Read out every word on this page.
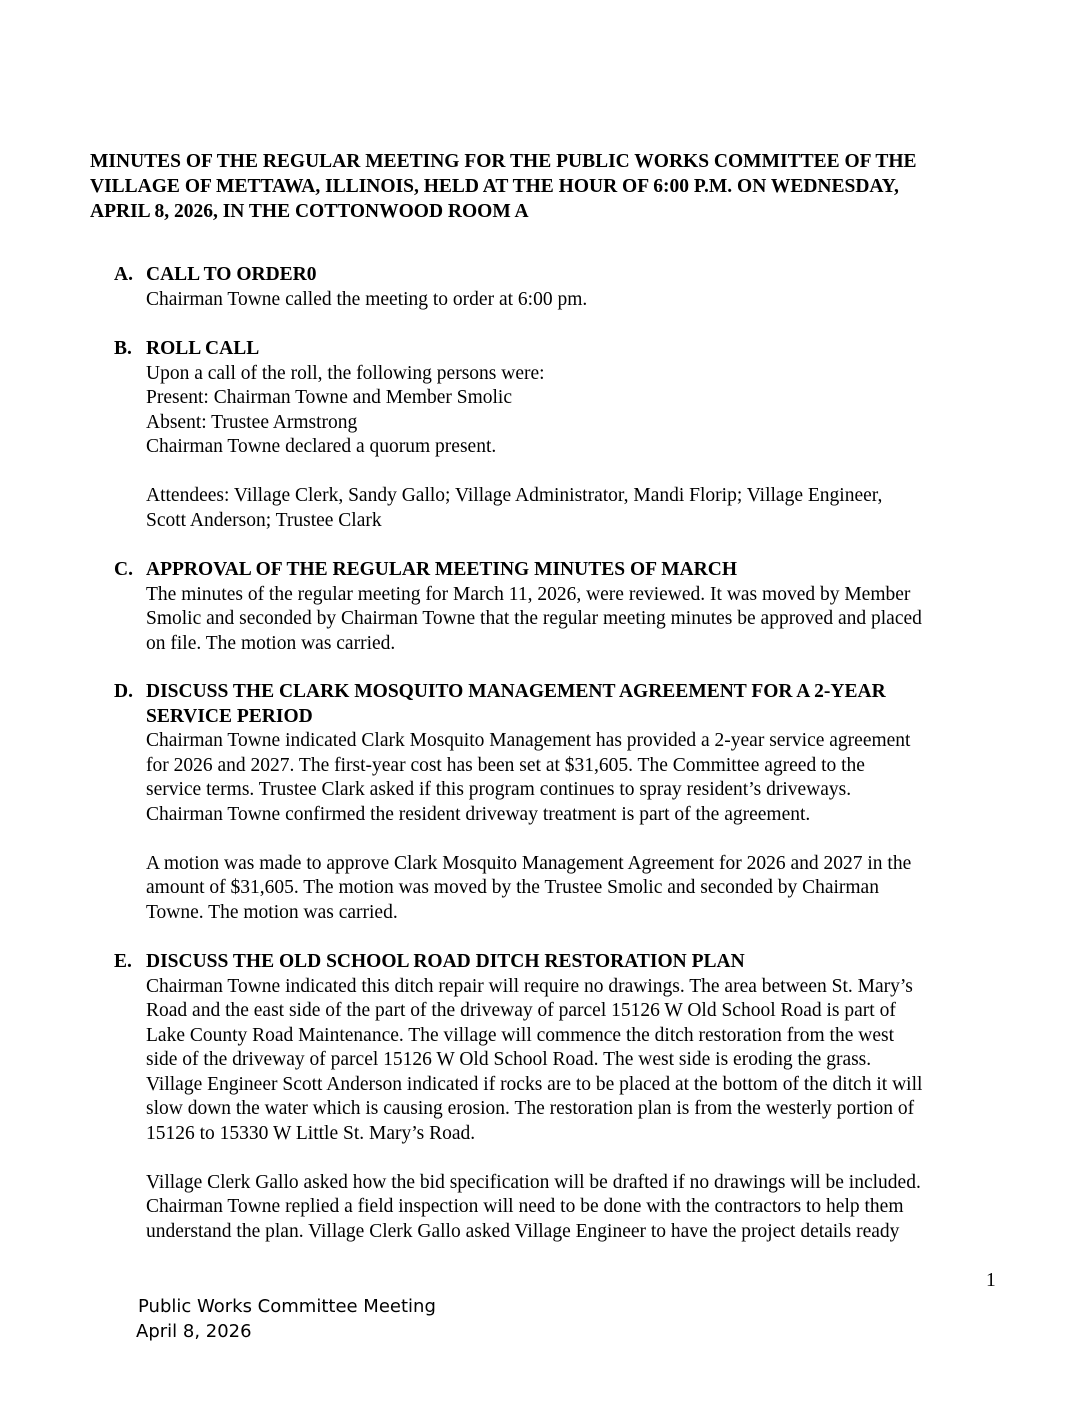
MINUTES OF THE REGULAR MEETING FOR THE PUBLIC WORKS COMMITTEE OF THE
VILLAGE OF METTAWA, ILLINOIS, HELD AT THE HOUR OF 6:00 P.M. ON WEDNESDAY,
APRIL 8, 2026, IN THE COTTONWOOD ROOM A
A. CALL TO ORDER0
Chairman Towne called the meeting to order at 6:00 pm.
B. ROLL CALL
Upon a call of the roll, the following persons were:
Present: Chairman Towne and Member Smolic
Absent: Trustee Armstrong
Chairman Towne declared a quorum present.
Attendees: Village Clerk, Sandy Gallo; Village Administrator, Mandi Florip; Village Engineer,
Scott Anderson; Trustee Clark
C. APPROVAL OF THE REGULAR MEETING MINUTES OF MARCH
The minutes of the regular meeting for March 11, 2026, were reviewed. It was moved by Member
Smolic and seconded by Chairman Towne that the regular meeting minutes be approved and placed
on file. The motion was carried.
D. DISCUSS THE CLARK MOSQUITO MANAGEMENT AGREEMENT FOR A 2-YEAR
SERVICE PERIOD
Chairman Towne indicated Clark Mosquito Management has provided a 2-year service agreement
for 2026 and 2027. The first-year cost has been set at $31,605. The Committee agreed to the
service terms. Trustee Clark asked if this program continues to spray resident’s driveways.
Chairman Towne confirmed the resident driveway treatment is part of the agreement.
A motion was made to approve Clark Mosquito Management Agreement for 2026 and 2027 in the
amount of $31,605. The motion was moved by the Trustee Smolic and seconded by Chairman
Towne. The motion was carried.
E. DISCUSS THE OLD SCHOOL ROAD DITCH RESTORATION PLAN
Chairman Towne indicated this ditch repair will require no drawings. The area between St. Mary’s
Road and the east side of the part of the driveway of parcel 15126 W Old School Road is part of
Lake County Road Maintenance. The village will commence the ditch restoration from the west
side of the driveway of parcel 15126 W Old School Road. The west side is eroding the grass.
Village Engineer Scott Anderson indicated if rocks are to be placed at the bottom of the ditch it will
slow down the water which is causing erosion. The restoration plan is from the westerly portion of
15126 to 15330 W Little St. Mary’s Road.
Village Clerk Gallo asked how the bid specification will be drafted if no drawings will be included.
Chairman Towne replied a field inspection will need to be done with the contractors to help them
understand the plan. Village Clerk Gallo asked Village Engineer to have the project details ready
1
Public Works Committee Meeting
April 8, 2026
